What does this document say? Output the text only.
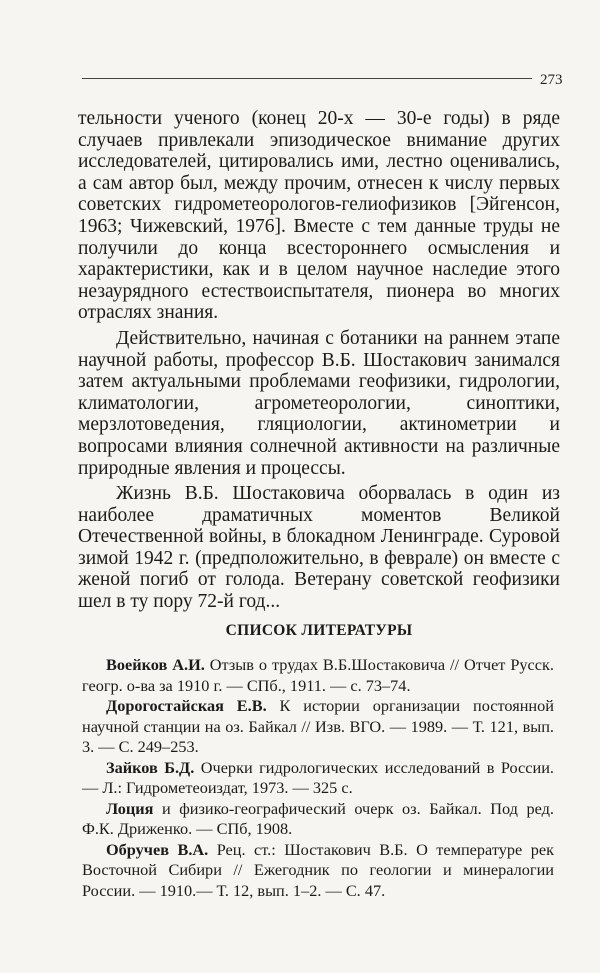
273

тельности ученого (конец 20-х — 30-е годы) в ряде случаев привлекали эпизодическое внимание других исследователей, цитировались ими, лестно оценивались, а сам автор был, между прочим, отнесен к числу первых советских гидрометеорологов-гелиофизиков [Эйгенсон, 1963; Чижевский, 1976]. Вместе с тем данные труды не получили до конца всестороннего осмысления и характеристики, как и в целом научное наследие этого незаурядного естествоиспытателя, пионера во многих отраслях знания.

Действительно, начиная с ботаники на раннем этапе научной работы, профессор В.Б. Шостакович занимался затем актуальными проблемами геофизики, гидрологии, климатологии, агрометеорологии, синоптики, мерзлотоведения, гляциологии, актинометрии и вопросами влияния солнечной активности на различные природные явления и процессы.

Жизнь В.Б. Шостаковича оборвалась в один из наиболее драматичных моментов Великой Отечественной войны, в блокадном Ленинграде. Суровой зимой 1942 г. (предположительно, в феврале) он вместе с женой погиб от голода. Ветерану советской геофизики шел в ту пору 72-й год...

СПИСОК ЛИТЕРАТУРЫ

Воейков А.И. Отзыв о трудах В.Б.Шостаковича // Отчет Русск. геогр. о-ва за 1910 г. — СПб., 1911. — с. 73–74.

Дорогостайская Е.В. К истории организации постоянной научной станции на оз. Байкал // Изв. ВГО. — 1989. — Т. 121, вып. 3. — С. 249–253.

Зайков Б.Д. Очерки гидрологических исследований в России. — Л.: Гидрометеоиздат, 1973. — 325 с.

Лоция и физико-географический очерк оз. Байкал. Под ред. Ф.К. Дриженко. — СПб, 1908.

Обручев В.А. Рец. ст.: Шостакович В.Б. О температуре рек Восточной Сибири // Ежегодник по геологии и минералогии России. — 1910.— Т. 12, вып. 1–2. — С. 47.
